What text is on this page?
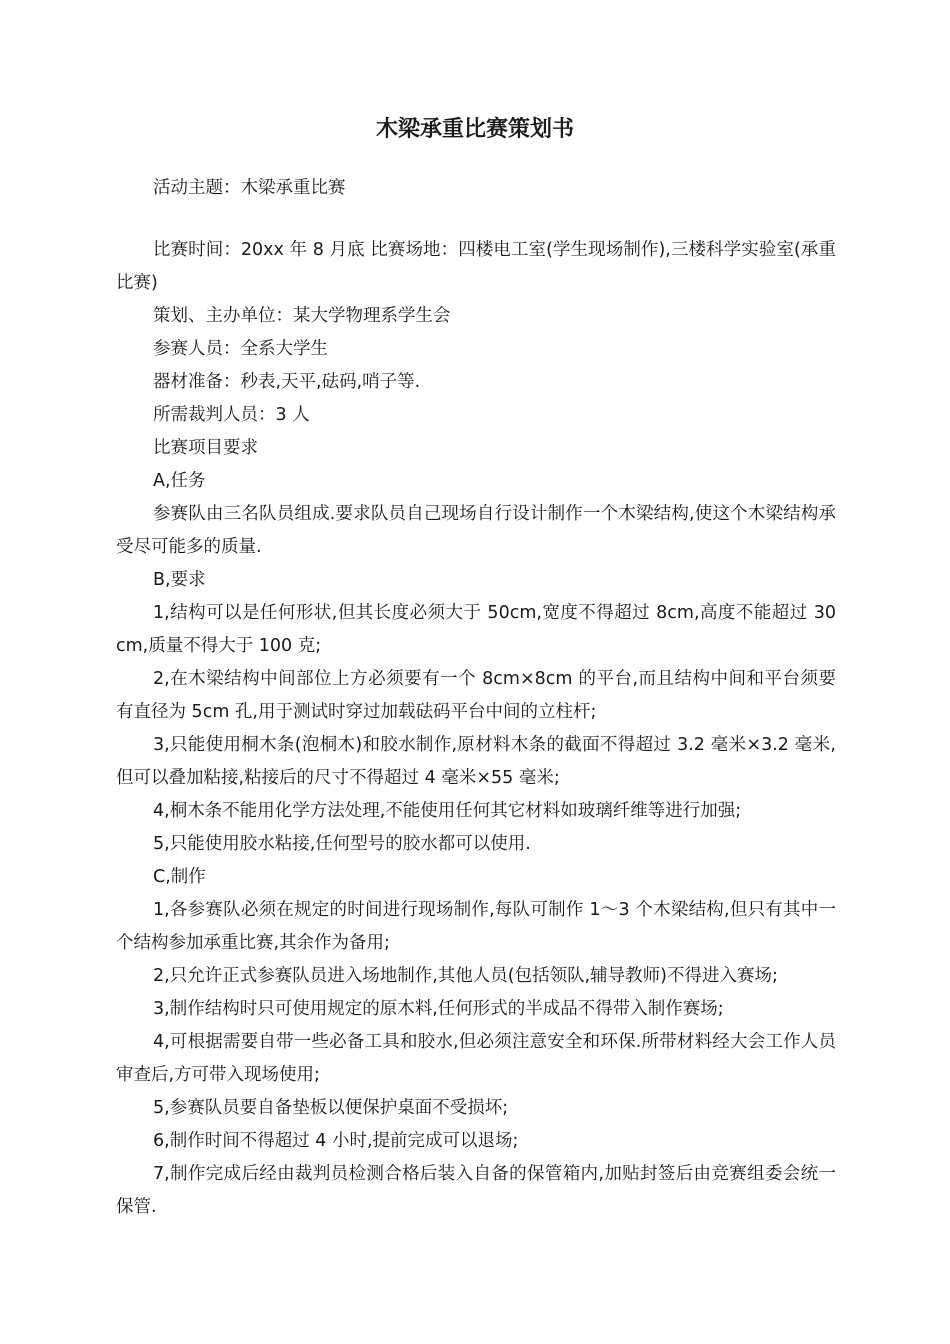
木梁承重比赛策划书

活动主题：木梁承重比赛

比赛时间：20xx 年 8 月底 比赛场地：四楼电工室(学生现场制作),三楼科学实验室(承重比赛)

策划、主办单位：某大学物理系学生会

参赛人员：全系大学生

器材准备：秒表,天平,砝码,哨子等.

所需裁判人员：3 人

比赛项目要求

A,任务

参赛队由三名队员组成.要求队员自己现场自行设计制作一个木梁结构,使这个木梁结构承受尽可能多的质量.

B,要求

1,结构可以是任何形状,但其长度必须大于 50cm,宽度不得超过 8cm,高度不能超过 30 cm,质量不得大于 100 克;

2,在木梁结构中间部位上方必须要有一个 8cm×8cm 的平台,而且结构中间和平台须要有直径为 5cm 孔,用于测试时穿过加载砝码平台中间的立柱杆;

3,只能使用桐木条(泡桐木)和胶水制作,原材料木条的截面不得超过 3.2 毫米×3.2 毫米,但可以叠加粘接,粘接后的尺寸不得超过 4 毫米×55 毫米;

4,桐木条不能用化学方法处理,不能使用任何其它材料如玻璃纤维等进行加强;

5,只能使用胶水粘接,任何型号的胶水都可以使用.

C,制作

1,各参赛队必须在规定的时间进行现场制作,每队可制作 1～3 个木梁结构,但只有其中一个结构参加承重比赛,其余作为备用;

2,只允许正式参赛队员进入场地制作,其他人员(包括领队,辅导教师)不得进入赛场;

3,制作结构时只可使用规定的原木料,任何形式的半成品不得带入制作赛场;

4,可根据需要自带一些必备工具和胶水,但必须注意安全和环保.所带材料经大会工作人员审查后,方可带入现场使用;

5,参赛队员要自备垫板以便保护桌面不受损坏;

6,制作时间不得超过 4 小时,提前完成可以退场;

7,制作完成后经由裁判员检测合格后装入自备的保管箱内,加贴封签后由竞赛组委会统一保管.
